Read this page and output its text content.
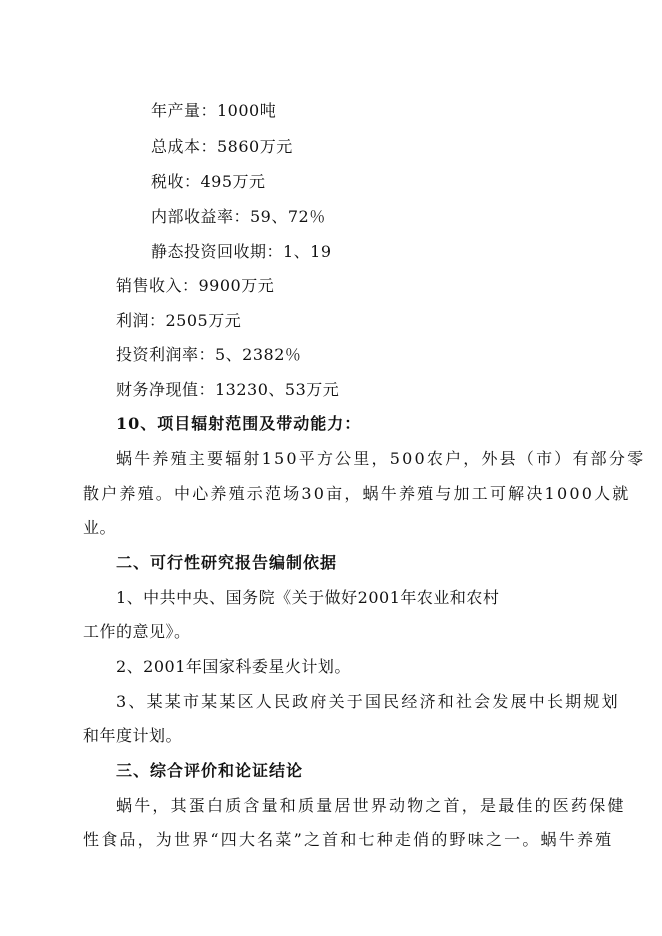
年产量：1000吨
总成本：5860万元
税收：495万元
内部收益率：59、72％
静态投资回收期：1、19
销售收入：9900万元
利润：2505万元
投资利润率：5、2382％
财务净现值：13230、53万元
10、项目辐射范围及带动能力：
蜗牛养殖主要辐射150平方公里，500农户，外县（市）有部分零
散户养殖。中心养殖示范场30亩，蜗牛养殖与加工可解决1000人就
业。
二、可行性研究报告编制依据
1、中共中央、国务院《关于做好2001年农业和农村
工作的意见》。
2、2001年国家科委星火计划。
3、某某市某某区人民政府关于国民经济和社会发展中长期规划
和年度计划。
三、综合评价和论证结论
蜗牛，其蛋白质含量和质量居世界动物之首，是最佳的医药保健
性食品，为世界“四大名菜”之首和七种走俏的野味之一。蜗牛养殖
